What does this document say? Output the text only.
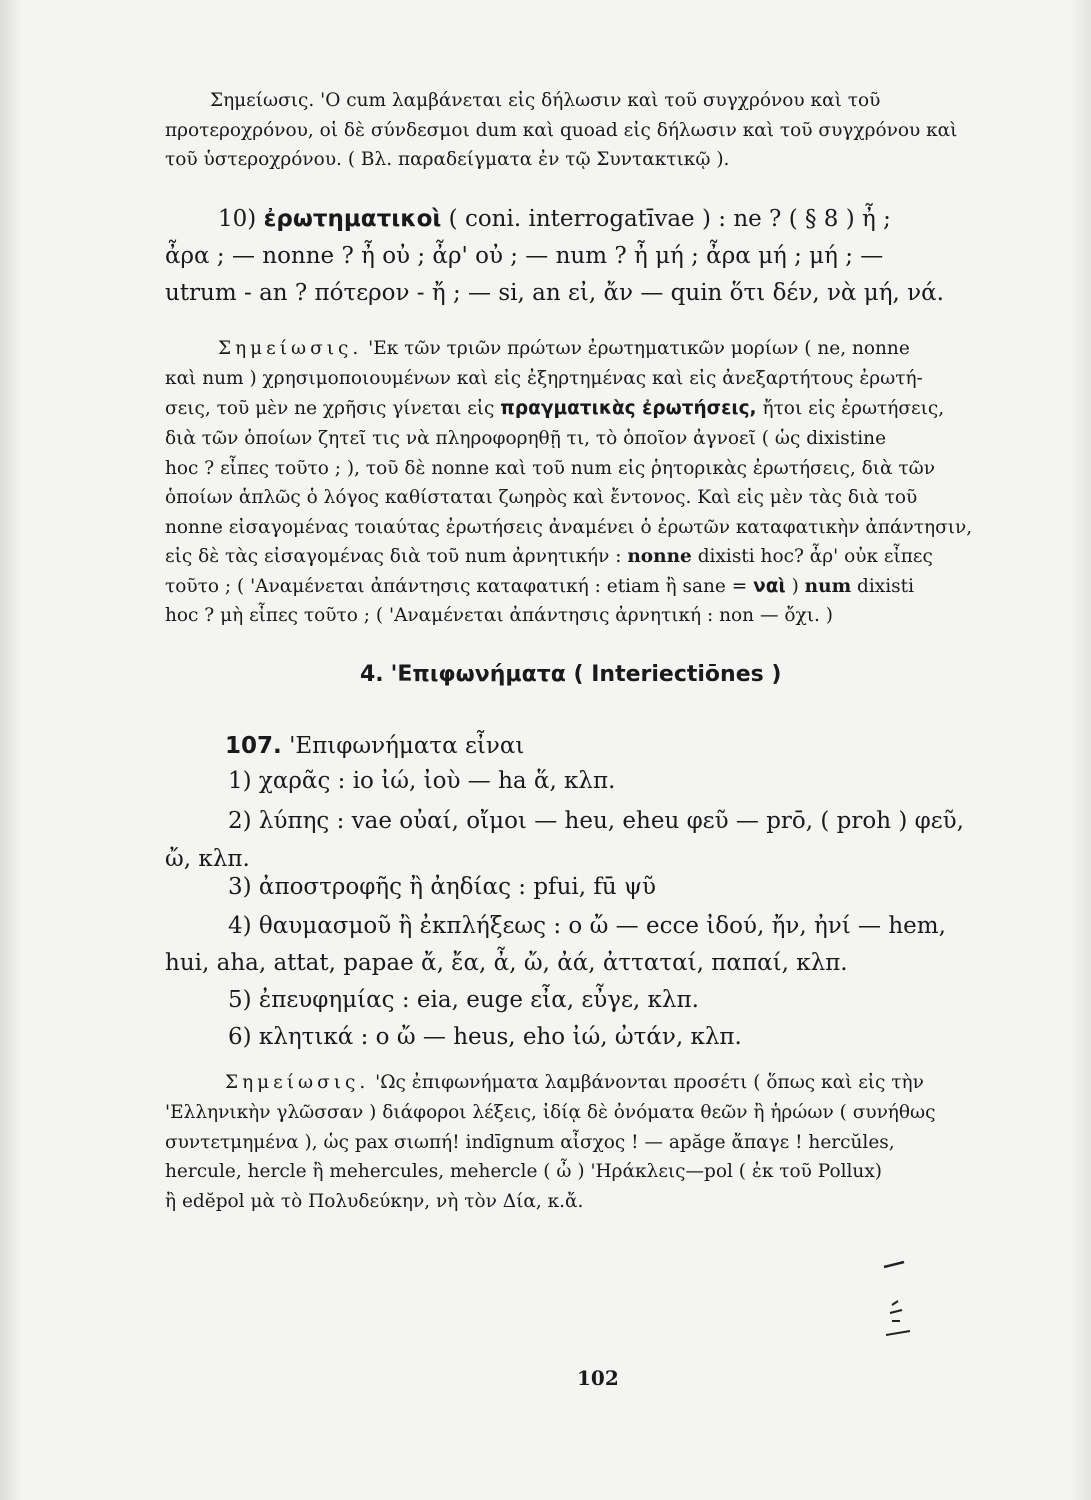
Σημείωσις. 'Ο cum λαμβάνεται εἰς δήλωσιν καὶ τοῦ συγχρόνου καὶ τοῦ
προτεροχρόνου, οἱ δὲ σύνδεσμοι dum καὶ quoad εἰς δήλωσιν καὶ τοῦ συγχρόνου καὶ
τοῦ ὑστεροχρόνου. ( Βλ. παραδείγματα ἐν τῷ Συντακτικῷ ).
10) ἐρωτηματικοὶ ( coni. interrogatīvae ) : ne ? ( § 8 ) ἦ ;
ἆρα ; — nonne ? ἦ οὐ ; ἆρ' οὐ ; — num ? ἦ μή ; ἆρα μή ; μή ; —
utrum - an ? πότερον - ἤ ; — si, an εἰ, ἄν — quin ὅτι δέν, νὰ μή, νά.
Σημείωσις. 'Εκ τῶν τριῶν πρώτων ἐρωτηματικῶν μορίων ( ne, nonne
καὶ num ) χρησιμοποιουμένων καὶ εἰς ἐξηρτημένας καὶ εἰς ἀνεξαρτήτους ἐρωτή-
σεις, τοῦ μὲν ne χρῆσις γίνεται εἰς πραγματικὰς ἐρωτήσεις, ἤτοι εἰς ἐρωτήσεις,
διὰ τῶν ὁποίων ζητεῖ τις νὰ πληροφορηθῇ τι, τὸ ὁποῖον ἀγνοεῖ ( ὡς dixistine
hoc ? εἶπες τοῦτο ; ), τοῦ δὲ nonne καὶ τοῦ num εἰς ῥητορικὰς ἐρωτήσεις, διὰ τῶν
ὁποίων ἁπλῶς ὁ λόγος καθίσταται ζωηρὸς καὶ ἔντονος. Καὶ εἰς μὲν τὰς διὰ τοῦ
nonne εἰσαγομένας τοιαύτας ἐρωτήσεις ἀναμένει ὁ ἐρωτῶν καταφατικὴν ἀπάντησιν,
εἰς δὲ τὰς εἰσαγομένας διὰ τοῦ num ἀρνητικήν : nonne dixisti hoc? ἆρ' οὐκ εἶπες
τοῦτο ; ( 'Αναμένεται ἀπάντησις καταφατική : etiam ἢ sane = ναὶ ) num dixisti
hoc ? μὴ εἶπες τοῦτο ; ( 'Αναμένεται ἀπάντησις ἀρνητική : non — ὄχι. )
4. 'Επιφωνήματα ( Interiectiōnes )
107. 'Επιφωνήματα εἶναι
1) χαρᾶς : io ἰώ, ἰοὺ — ha ἅ, κλπ.
2) λύπης : vae οὐαί, οἴμοι — heu, eheu φεῦ — prō, ( proh ) φεῦ,
ὤ, κλπ.
3) ἀποστροφῆς ἢ ἀηδίας : pfui, fū ψῦ
4) θαυμασμοῦ ἢ ἐκπλήξεως : o ὤ — ecce ἰδού, ἤν, ἠνί — hem,
hui, aha, attat, papae ἄ, ἔα, ἆ, ὤ, ἀά, ἀτταταί, παπαί, κλπ.
5) ἐπευφημίας : eia, euge εἶα, εὖγε, κλπ.
6) κλητικά : o ὤ — heus, eho ἰώ, ὠτάν, κλπ.
Σημείωσις. 'Ως ἐπιφωνήματα λαμβάνονται προσέτι ( ὅπως καὶ εἰς τὴν
'Ελληνικὴν γλῶσσαν ) διάφοροι λέξεις, ἰδίᾳ δὲ ὀνόματα θεῶν ἢ ἡρώων ( συνήθως
συντετμημένα ), ὡς pax σιωπή! indīgnum αἶσχος ! — apăge ἄπαγε ! hercŭles,
hercule, hercle ἢ mehercules, mehercle ( ὦ ) 'Ηράκλεις—pol ( ἐκ τοῦ Pollux)
ἢ edĕpol μὰ τὸ Πολυδεύκην, νὴ τὸν Δία, κ.ἄ.
102
